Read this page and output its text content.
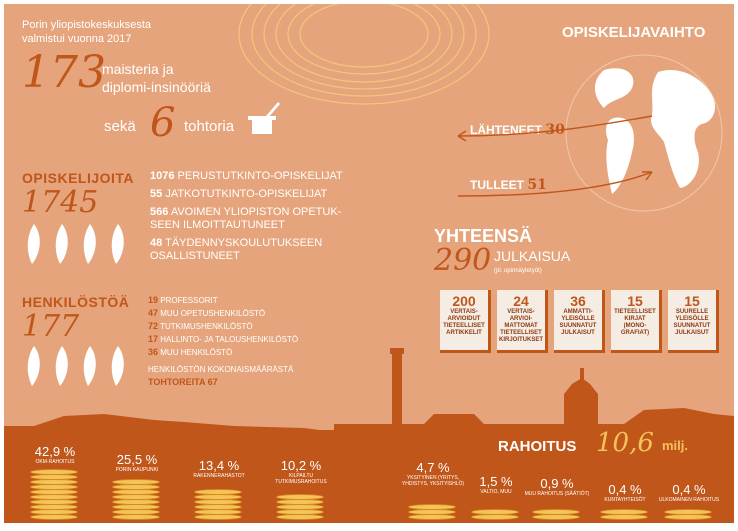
Porin yliopistokeskuksesta
valmistui vuonna 2017
173
maisteria ja
diplomi-insinööriä
sekä 6 tohtoria
OPISKELIJOITA
1745
1076 PERUSTUTKINTO-OPISKELIJAT
55 JATKOTUTKINTO-OPISKELIJAT
566 AVOIMEN YLIOPISTON OPETUK-
SEEN ILMOITTAUTUNEET
48 TÄYDENNYSKOULUTUKSEEN
OSALLISTUNEET
HENKILÖSTÖÄ
177
19 PROFESSORIT
47 MUU OPETUSHENKILÖSTÖ
72 TUTKIMUSHENKILÖSTÖ
17 HALLINTO- JA TALOUSHENKILÖSTÖ
36 MUU HENKILÖSTÖ
HENKILÖSTÖN KOKONAISMÄÄRÄSTÄ
TOHTOREITA 67
OPISKELIJAVAIHTO
LÄHTENEET 30
TULLEET 51
YHTEENSÄ
290 JULKAISUA
(pl. opinnäytetyöt)
200
VERTAIS-
ARVIOIDUT
TIETEELLISET
ARTIKKELIT
24
VERTAIS-
ARVIOI-
MATTOMAT
TIETEELLISET
KIRJOITUKSET
36
AMMATTI-
YLEISÖLLE
SUUNNATUT
JULKAISUT
15
TIETEELLISET
KIRJAT
(MONO-
GRAFIAT)
15
SUURELLE
YLEISÖLLE
SUUNNATUT
JULKAISUT
RAHOITUS 10,6 milj.
42,9 %
OKM-RAHOITUS	25,5 %
PORIN KAUPUNKI	13,4 %
RAKENNERAHASTOT
10,2 %
KILPAILTU TUTKIMUSRAHOITUS
4,7 %
YKSITYINEN (YRITYS, YHDISTYS, YKSITYISHLÖ)	1,5 %
VALTIO, MUU
0,9 %
MUU RAHOITUS (SÄÄTIÖT)	0,4 %
KUNTAYHTEISÖT
0,4 %
ULKOMAINEN RAHOITUS
